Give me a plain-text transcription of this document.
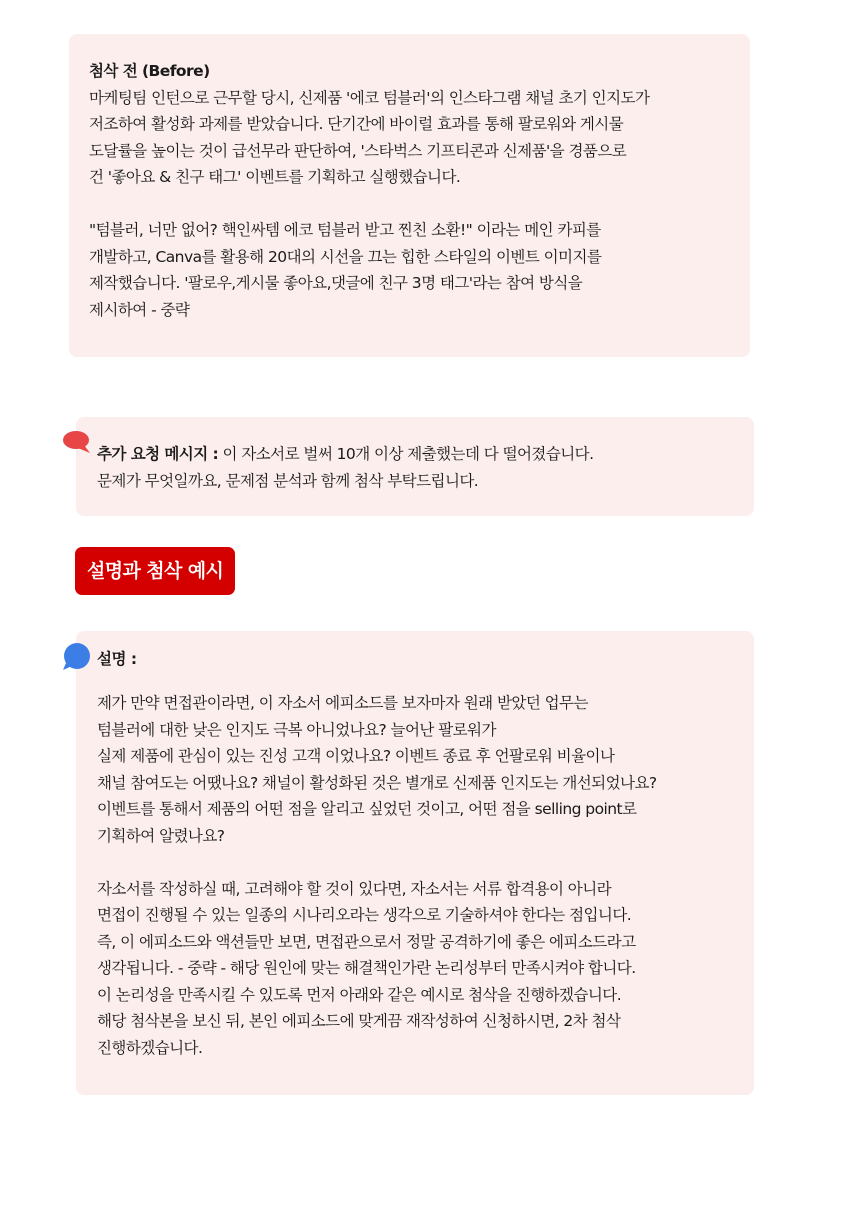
첨삭 전 (Before)
마케팅팀 인턴으로 근무할 당시, 신제품 '에코 텀블러'의 인스타그램 채널 초기 인지도가
저조하여 활성화 과제를 받았습니다. 단기간에 바이럴 효과를 통해 팔로워와 게시물
도달률을 높이는 것이 급선무라 판단하여, '스타벅스 기프티콘과 신제품'을 경품으로
건 '좋아요 & 친구 태그' 이벤트를 기획하고 실행했습니다.
"텀블러, 너만 없어? 핵인싸템 에코 텀블러 받고 찐친 소환!" 이라는 메인 카피를
개발하고, Canva를 활용해 20대의 시선을 끄는 힙한 스타일의 이벤트 이미지를
제작했습니다. '팔로우,게시물 좋아요,댓글에 친구 3명 태그'라는 참여 방식을
제시하여 - 중략
추가 요청 메시지 : 이 자소서로 벌써 10개 이상 제출했는데 다 떨어졌습니다.
문제가 무엇일까요, 문제점 분석과 함께 첨삭 부탁드립니다.
설명과 첨삭 예시
설명 :
제가 만약 면접관이라면, 이 자소서 에피소드를 보자마자 원래 받았던 업무는
텀블러에 대한 낮은 인지도 극복 아니었나요? 늘어난 팔로워가
실제 제품에 관심이 있는 진성 고객 이었나요? 이벤트 종료 후 언팔로워 비율이나
채널 참여도는 어땠나요? 채널이 활성화된 것은 별개로 신제품 인지도는 개선되었나요?
이벤트를 통해서 제품의 어떤 점을 알리고 싶었던 것이고, 어떤 점을 selling point로
기획하여 알렸나요?
자소서를 작성하실 때, 고려해야 할 것이 있다면, 자소서는 서류 합격용이 아니라
면접이 진행될 수 있는 일종의 시나리오라는 생각으로 기술하셔야 한다는 점입니다.
즉, 이 에피소드와 액션들만 보면, 면접관으로서 정말 공격하기에 좋은 에피소드라고
생각됩니다. - 중략 - 해당 원인에 맞는 해결책인가란 논리성부터 만족시켜야 합니다.
이 논리성을 만족시킬 수 있도록 먼저 아래와 같은 예시로 첨삭을 진행하겠습니다.
해당 첨삭본을 보신 뒤, 본인 에피소드에 맞게끔 재작성하여 신청하시면, 2차 첨삭
진행하겠습니다.
